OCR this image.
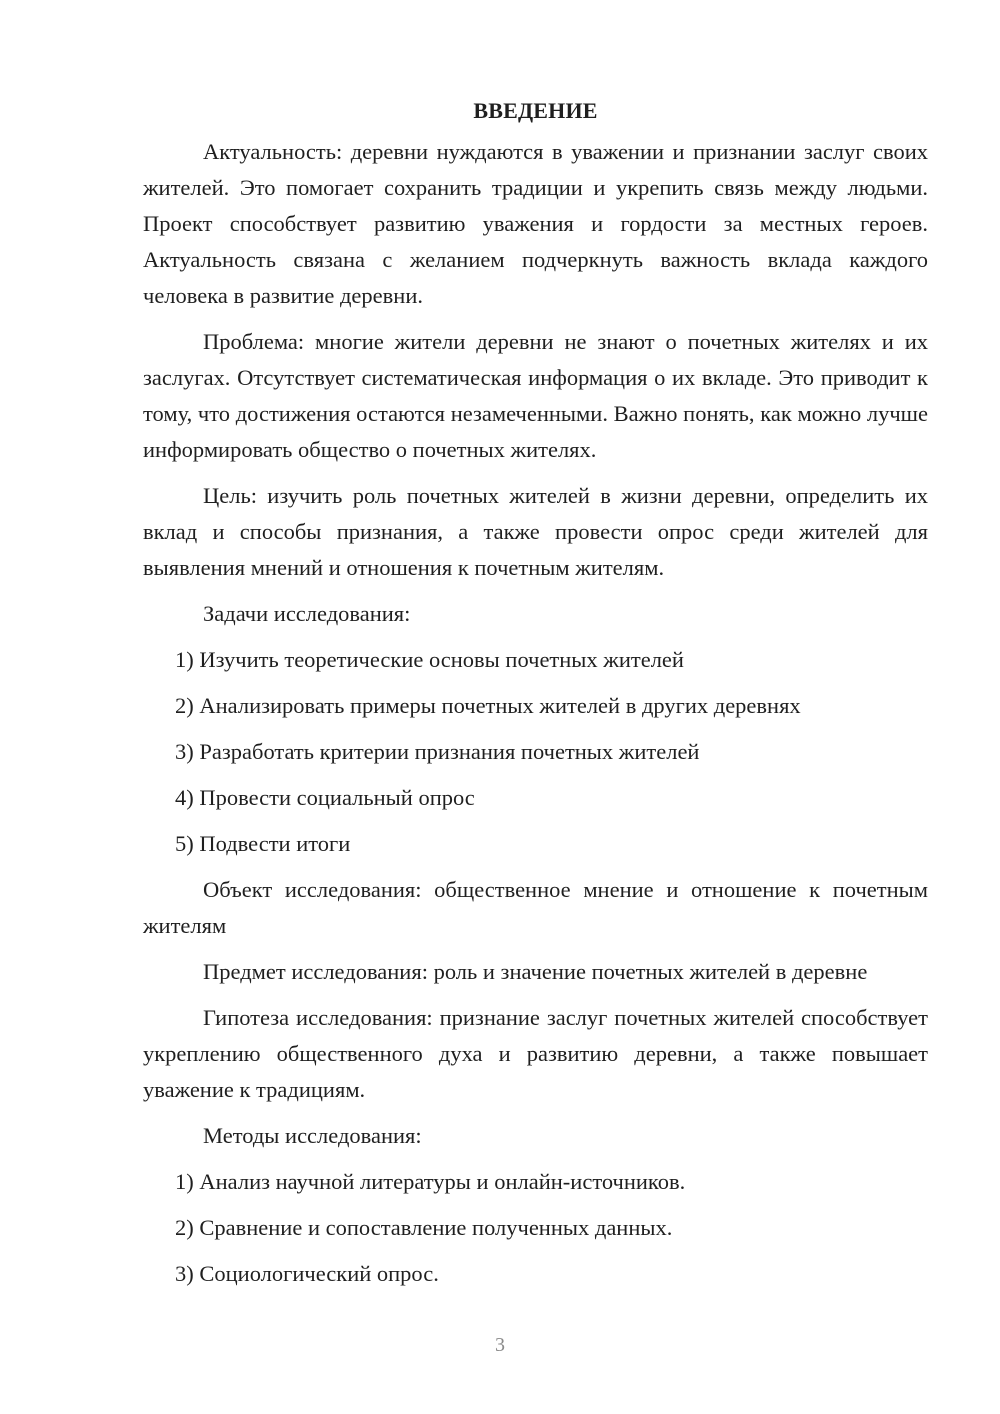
ВВЕДЕНИЕ

Актуальность: деревни нуждаются в уважении и признании заслуг своих жителей. Это помогает сохранить традиции и укрепить связь между людьми. Проект способствует развитию уважения и гордости за местных героев. Актуальность связана с желанием подчеркнуть важность вклада каждого человека в развитие деревни.

Проблема: многие жители деревни не знают о почетных жителях и их заслугах. Отсутствует систематическая информация о их вкладе. Это приводит к тому, что достижения остаются незамеченными. Важно понять, как можно лучше информировать общество о почетных жителях.

Цель: изучить роль почетных жителей в жизни деревни, определить их вклад и способы признания, а также провести опрос среди жителей для выявления мнений и отношения к почетным жителям.

Задачи исследования:

1) Изучить теоретические основы почетных жителей
2) Анализировать примеры почетных жителей в других деревнях
3) Разработать критерии признания почетных жителей
4) Провести социальный опрос
5) Подвести итоги

Объект исследования: общественное мнение и отношение к почетным жителям

Предмет исследования: роль и значение почетных жителей в деревне

Гипотеза исследования: признание заслуг почетных жителей способствует укреплению общественного духа и развитию деревни, а также повышает уважение к традициям.

Методы исследования:

1) Анализ научной литературы и онлайн-источников.
2) Сравнение и сопоставление полученных данных.
3) Социологический опрос.
3
